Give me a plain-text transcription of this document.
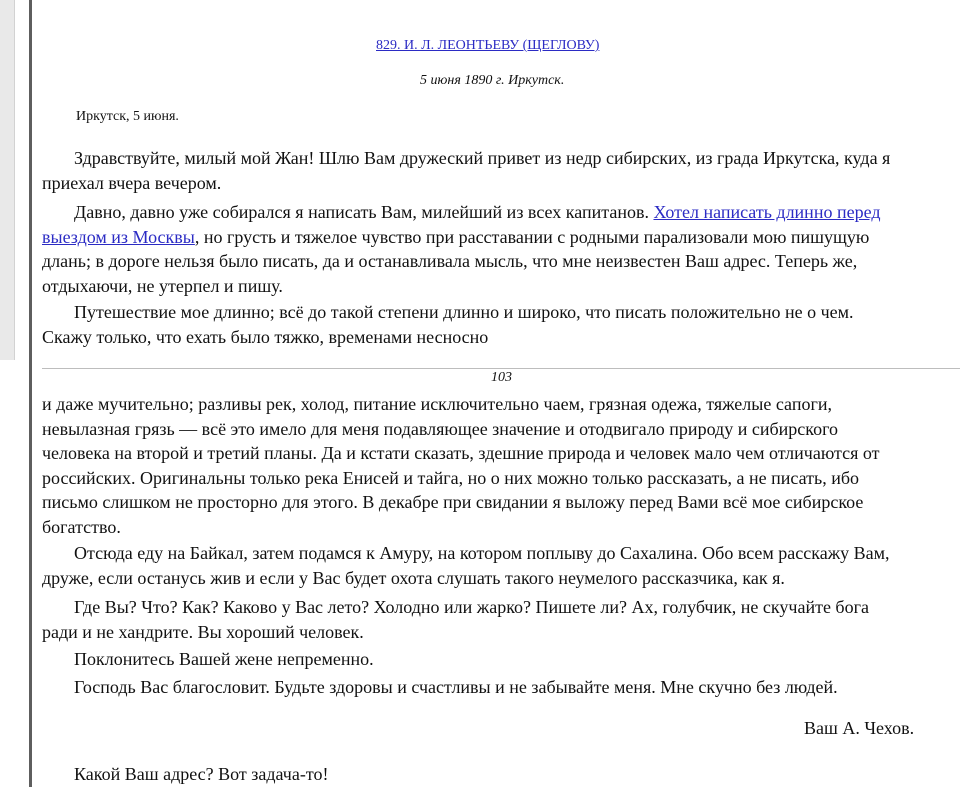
829. И. Л. ЛЕОНТЬЕВУ (ЩЕГЛОВУ)
5 июня 1890 г. Иркутск.
Иркутск, 5 июня.
Здравствуйте, милый мой Жан! Шлю Вам дружеский привет из недр сибирских, из града Иркутска, куда я
приехал вчера вечером.
Давно, давно уже собирался я написать Вам, милейший из всех капитанов. Хотел написать длинно перед
выездом из Москвы, но грусть и тяжелое чувство при расставании с родными парализовали мою пишущую
длань; в дороге нельзя было писать, да и останавливала мысль, что мне неизвестен Ваш адрес. Теперь же,
отдыхаючи, не утерпел и пишу.
Путешествие мое длинно; всё до такой степени длинно и широко, что писать положительно не о чем.
Скажу только, что ехать было тяжко, временами несносно
103
и даже мучительно; разливы рек, холод, питание исключительно чаем, грязная одежа, тяжелые сапоги,
невылазная грязь — всё это имело для меня подавляющее значение и отодвигало природу и сибирского
человека на второй и третий планы. Да и кстати сказать, здешние природа и человек мало чем отличаются от
российских. Оригинальны только река Енисей и тайга, но о них можно только рассказать, а не писать, ибо
письмо слишком не просторно для этого. В декабре при свидании я выложу перед Вами всё мое сибирское
богатство.
Отсюда еду на Байкал, затем подамся к Амуру, на котором поплыву до Сахалина. Обо всем расскажу Вам,
друже, если останусь жив и если у Вас будет охота слушать такого неумелого рассказчика, как я.
Где Вы? Что? Как? Каково у Вас лето? Холодно или жарко? Пишете ли? Ах, голубчик, не скучайте бога
ради и не хандрите. Вы хороший человек.

Поклонитесь Вашей жене непременно.

Господь Вас благословит. Будьте здоровы и счастливы и не забывайте меня. Мне скучно без людей.

Ваш А. Чехов.

Какой Ваш адрес? Вот задача-то!
